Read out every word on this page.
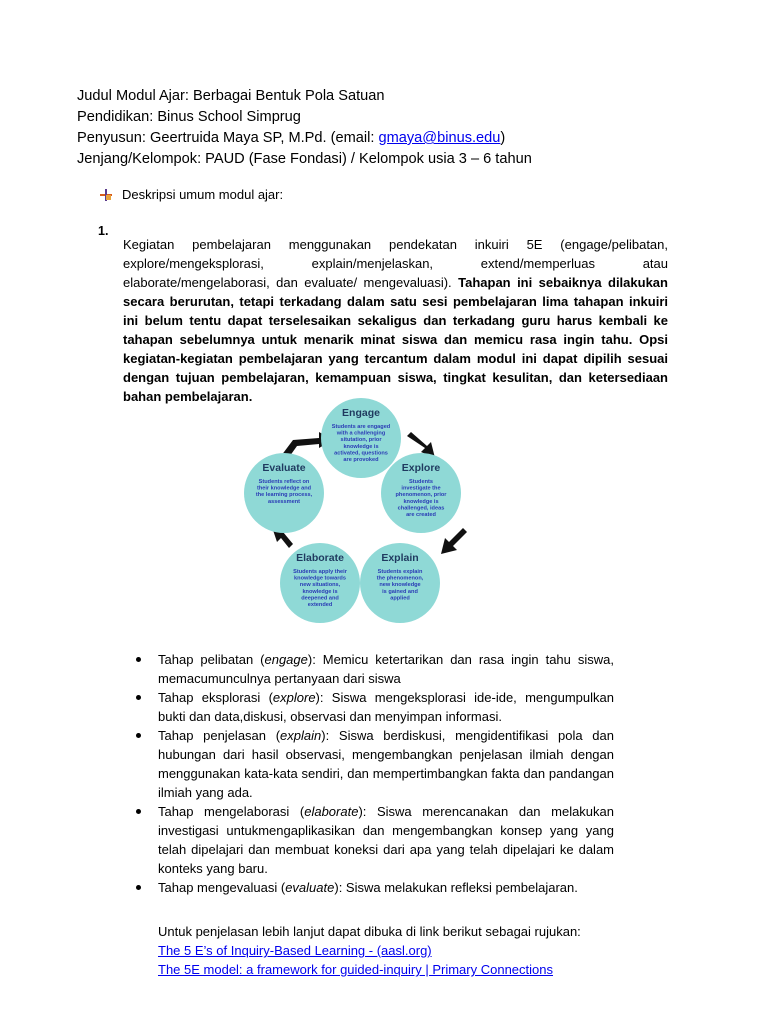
Judul Modul Ajar: Berbagai Bentuk Pola Satuan

Pendidikan: Binus School Simprug

Penyusun: Geertruida Maya SP, M.Pd. (email: gmaya@binus.edu)

Jenjang/Kelompok: PAUD (Fase Fondasi) / Kelompok usia 3 – 6 tahun

Deskripsi umum modul ajar:
1.

Kegiatan pembelajaran menggunakan pendekatan inkuiri 5E (engage/pelibatan, explore/mengeksplorasi, explain/menjelaskan, extend/memperluas atau elaborate/mengelaborasi, dan evaluate/ mengevaluasi). Tahapan ini sebaiknya dilakukan secara berurutan, tetapi terkadang dalam satu sesi pembelajaran lima tahapan inkuiri ini belum tentu dapat terselesaikan sekaligus dan terkadang guru harus kembali ke tahapan sebelumnya untuk menarik minat siswa dan memicu rasa ingin tahu. Opsi kegiatan-kegiatan pembelajaran yang tercantum dalam modul ini dapat dipilih sesuai dengan tujuan pembelajaran, kemampuan siswa, tingkat kesulitan, dan ketersediaan bahan pembelajaran.

Engage
Students are engaged
with a challenging
situtation, prior
knowledge is
activated, questions
are provoked
Explore
Students
investigate the
phenomenon, prior
knowledge is
challenged, ideas
are created
Explain
Students explain
the phenomenon,
new knowledge
is gained and
applied
Elaborate
Students apply their
knowledge towards
new situations,
knowledge is
deepened and
extended
Evaluate
Students reflect on
their knowledge and
the learning process,
assessment
Tahap pelibatan (engage): Memicu ketertarikan dan rasa ingin tahu siswa, memacumunculnya pertanyaan dari siswa
Tahap eksplorasi (explore): Siswa mengeksplorasi ide-ide, mengumpulkan bukti dan data,diskusi, observasi dan menyimpan informasi.
Tahap penjelasan (explain): Siswa berdiskusi, mengidentifikasi pola dan hubungan dari hasil observasi, mengembangkan penjelasan ilmiah dengan menggunakan kata-kata sendiri, dan mempertimbangkan fakta dan pandangan ilmiah yang ada.
Tahap mengelaborasi (elaborate): Siswa merencanakan dan melakukan investigasi untukmengaplikasikan dan mengembangkan konsep yang yang telah dipelajari dan membuat koneksi dari apa yang telah dipelajari ke dalam konteks yang baru.
Tahap mengevaluasi (evaluate): Siswa melakukan refleksi pembelajaran.
Untuk penjelasan lebih lanjut dapat dibuka di link berikut sebagai rujukan:
The 5 E’s of Inquiry-Based Learning - (aasl.org)
The 5E model: a framework for guided-inquiry | Primary Connections
